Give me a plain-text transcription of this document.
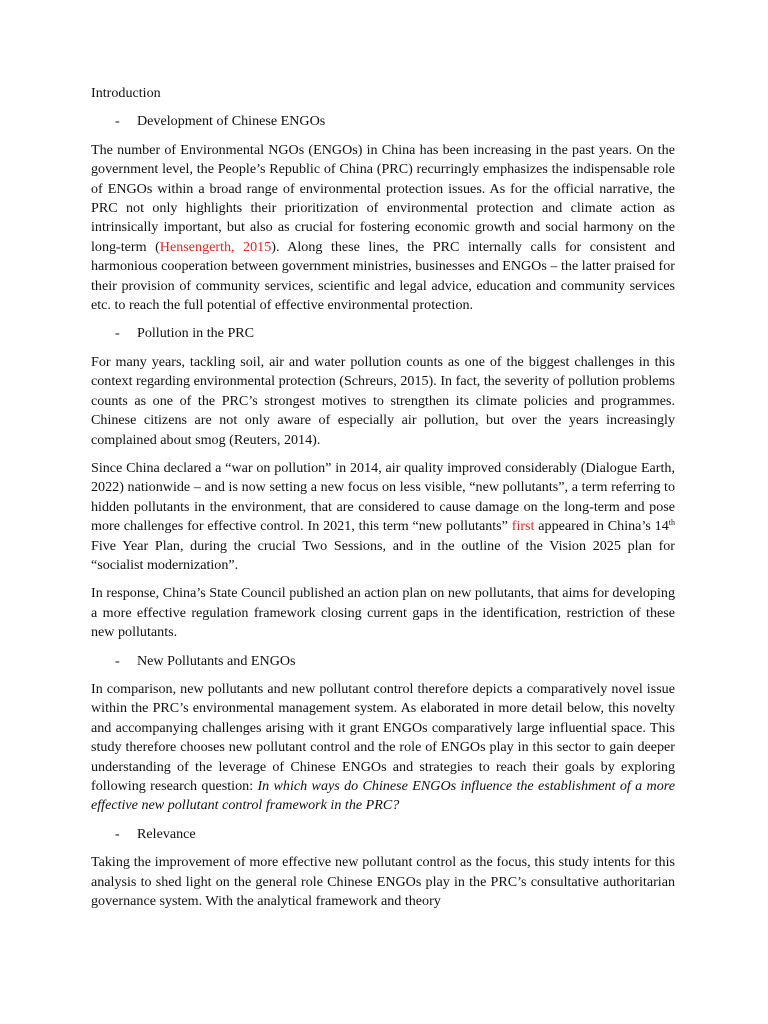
Introduction
- Development of Chinese ENGOs

The number of Environmental NGOs (ENGOs) in China has been increasing in the past years. On the government level, the People’s Republic of China (PRC) recurringly emphasizes the indispensable role of ENGOs within a broad range of environmental protection issues. As for the official narrative, the PRC not only highlights their prioritization of environmental protection and climate action as intrinsically important, but also as crucial for fostering economic growth and social harmony on the long-term (Hensengerth, 2015). Along these lines, the PRC internally calls for consistent and harmonious cooperation between government ministries, businesses and ENGOs – the latter praised for their provision of community services, scientific and legal advice, education and community services etc. to reach the full potential of effective environmental protection.

- Pollution in the PRC

For many years, tackling soil, air and water pollution counts as one of the biggest challenges in this context regarding environmental protection (Schreurs, 2015). In fact, the severity of pollution problems counts as one of the PRC’s strongest motives to strengthen its climate policies and programmes. Chinese citizens are not only aware of especially air pollution, but over the years increasingly complained about smog (Reuters, 2014).

Since China declared a “war on pollution” in 2014, air quality improved considerably (Dialogue Earth, 2022) nationwide – and is now setting a new focus on less visible, “new pollutants”, a term referring to hidden pollutants in the environment, that are considered to cause damage on the long-term and pose more challenges for effective control. In 2021, this term “new pollutants” first appeared in China’s 14th Five Year Plan, during the crucial Two Sessions, and in the outline of the Vision 2025 plan for “socialist modernization”.

In response, China’s State Council published an action plan on new pollutants, that aims for developing a more effective regulation framework closing current gaps in the identification, restriction of these new pollutants.

- New Pollutants and ENGOs

In comparison, new pollutants and new pollutant control therefore depicts a comparatively novel issue within the PRC’s environmental management system. As elaborated in more detail below, this novelty and accompanying challenges arising with it grant ENGOs comparatively large influential space. This study therefore chooses new pollutant control and the role of ENGOs play in this sector to gain deeper understanding of the leverage of Chinese ENGOs and strategies to reach their goals by exploring following research question: In which ways do Chinese ENGOs influence the establishment of a more effective new pollutant control framework in the PRC?

- Relevance

Taking the improvement of more effective new pollutant control as the focus, this study intents for this analysis to shed light on the general role Chinese ENGOs play in the PRC’s consultative authoritarian governance system. With the analytical framework and theory
